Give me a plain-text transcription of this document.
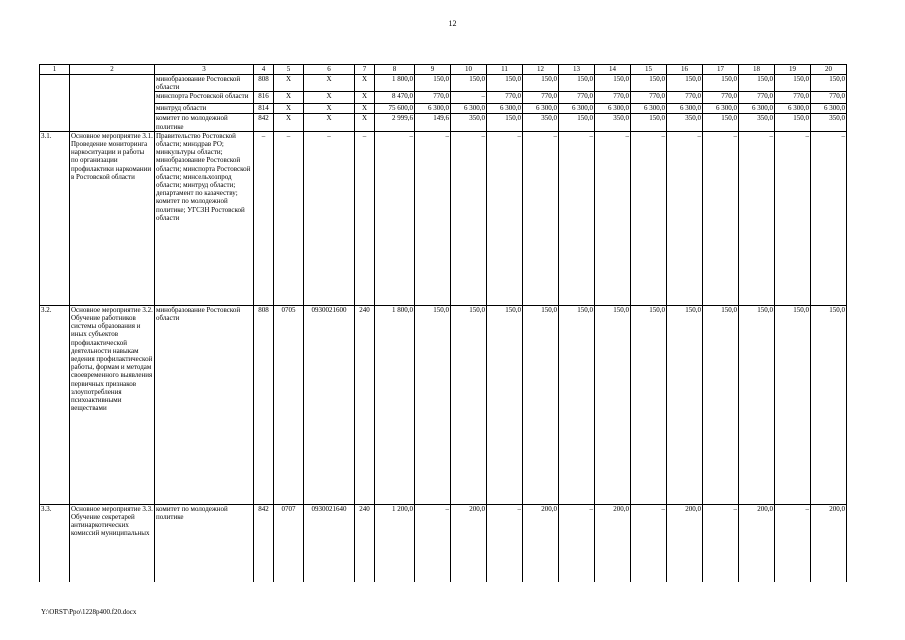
12
1	2	3	4	5	6	7	8	9	10	11	12	13	14	15	16	17	18	19	20
		минобразование Ростовской области	808	Х	Х	Х	1 800,0	150,0	150,0	150,0	150,0	150,0	150,0	150,0	150,0	150,0	150,0	150,0	150,0
		минспорта Ростовской области	816	Х	Х	Х	8 470,0	770,0	–	770,0	770,0	770,0	770,0	770,0	770,0	770,0	770,0	770,0	770,0
		минтруд области	814	Х	Х	Х	75 600,0	6 300,0	6 300,0	6 300,0	6 300,0	6 300,0	6 300,0	6 300,0	6 300,0	6 300,0	6 300,0	6 300,0	6 300,0
		комитет по молодежной политике	842	Х	Х	Х	2 999,6	149,6	350,0	150,0	350,0	150,0	350,0	150,0	350,0	150,0	350,0	150,0	350,0
3.1.	Основное мероприятие 3.1. Проведение мониторинга наркоситуации и работы по организации профилактики наркомании в Ростовской области	Правительство Ростовской области; минздрав РО; минкультуры области; минобразование Ростовской области; минспорта Ростовской области; минсельхозпрод области; минтруд области; департамент по казачеству; комитет по молодежной политике; УГСЗН Ростовской области	–	–	–	–	–	–	–	–	–	–	–	–	–	–	–	–	–
3.2.	Основное мероприятие 3.2. Обучение работников системы образования и иных субъектов профилактической деятельности навыкам ведения профилактической работы, формам и методам своевременного выявления первичных признаков злоупотребления психоактивными веществами	минобразование Ростовской области	808	0705	0930021600	240	1 800,0	150,0	150,0	150,0	150,0	150,0	150,0	150,0	150,0	150,0	150,0	150,0	150,0
3.3.	Основное мероприятие 3.3. Обучение секретарей антинаркотических комиссий муниципальных	комитет по молодежной политике	842	0707	0930021640	240	1 200,0	–	200,0	–	200,0	–	200,0	–	200,0	–	200,0	–	200,0
Y:\ORST\Ppo\1228p400.f20.docx
